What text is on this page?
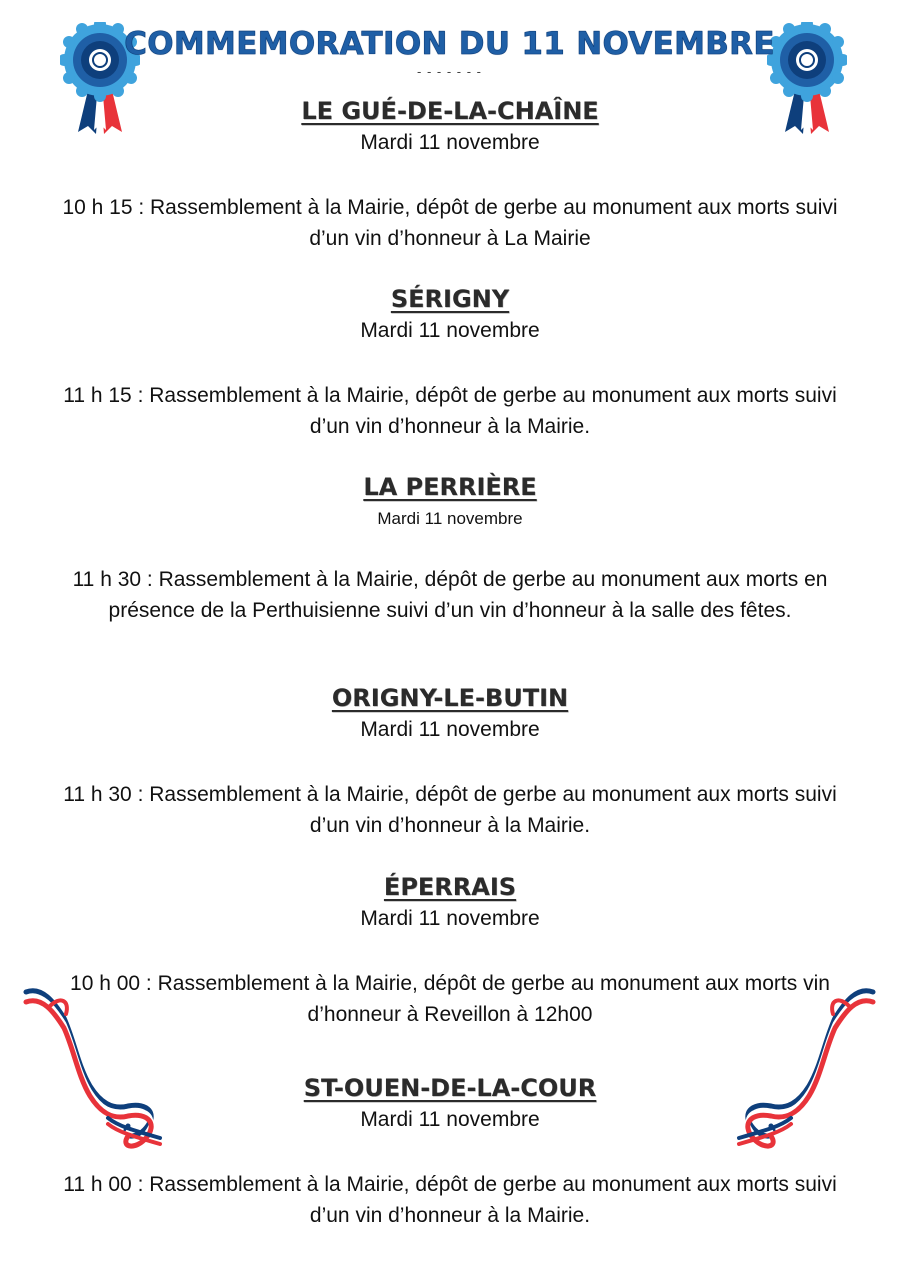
COMMEMORATION DU 11 NOVEMBRE
- - - - - - -
LE GUÉ-DE-LA-CHAÎNE
Mardi 11 novembre
10 h 15 : Rassemblement à la Mairie, dépôt de gerbe au monument aux morts suivi d’un vin d’honneur à La Mairie
SÉRIGNY
Mardi 11 novembre
11 h 15 : Rassemblement à la Mairie, dépôt de gerbe au monument aux morts suivi d’un vin d’honneur à la Mairie.
LA PERRIÈRE
Mardi 11 novembre
11 h 30 : Rassemblement à la Mairie, dépôt de gerbe au monument aux morts en présence de la Perthuisienne suivi d’un vin d’honneur à la salle des fêtes.
ORIGNY-LE-BUTIN
Mardi 11 novembre
11 h 30 : Rassemblement à la Mairie, dépôt de gerbe au monument aux morts suivi d’un vin d’honneur à la Mairie.
ÉPERRAIS
Mardi 11 novembre
10 h 00 : Rassemblement à la Mairie, dépôt de gerbe au monument aux morts vin d’honneur à Reveillon à 12h00
ST-OUEN-DE-LA-COUR
Mardi 11 novembre
11 h 00 : Rassemblement à la Mairie, dépôt de gerbe au monument aux morts suivi d’un vin d’honneur à la Mairie.
